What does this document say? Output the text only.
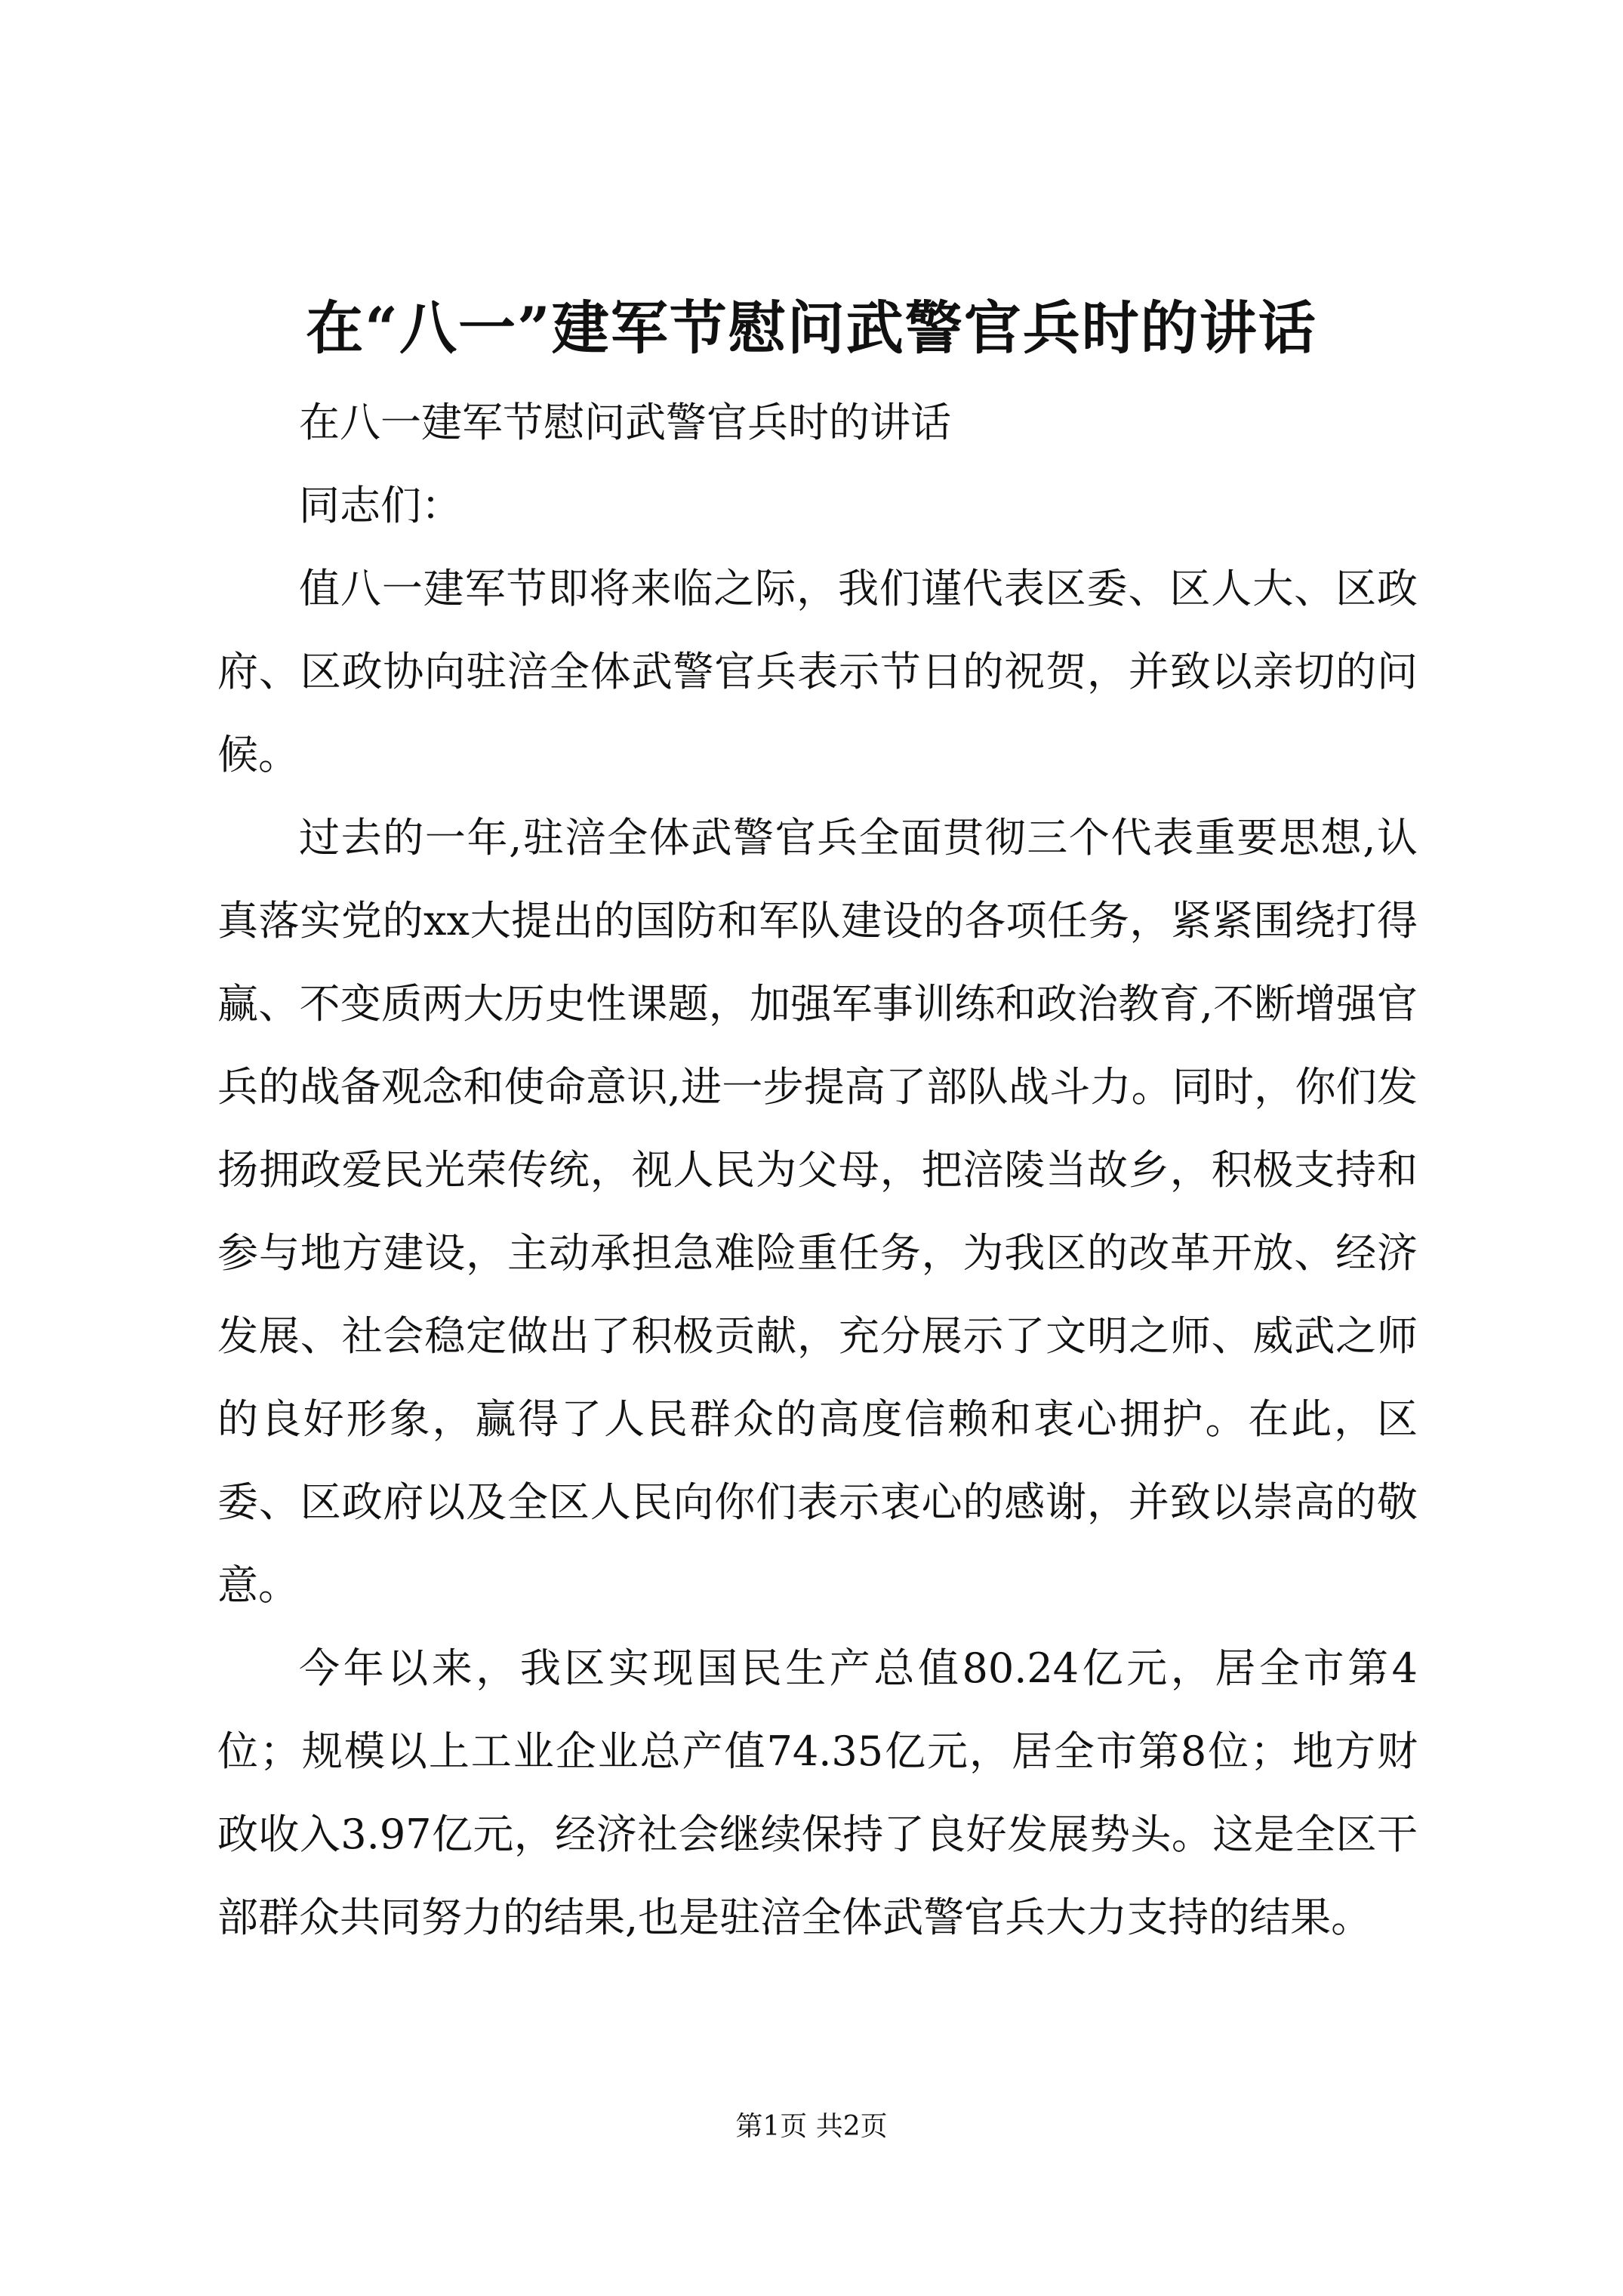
在“八一”建军节慰问武警官兵时的讲话

在八一建军节慰问武警官兵时的讲话

同志们：

值八一建军节即将来临之际，我们谨代表区委、区人大、区政府、区政协向驻涪全体武警官兵表示节日的祝贺，并致以亲切的问候。

过去的一年,驻涪全体武警官兵全面贯彻三个代表重要思想,认真落实党的xx大提出的国防和军队建设的各项任务，紧紧围绕打得赢、不变质两大历史性课题，加强军事训练和政治教育,不断增强官兵的战备观念和使命意识,进一步提高了部队战斗力。同时，你们发扬拥政爱民光荣传统，视人民为父母，把涪陵当故乡，积极支持和参与地方建设，主动承担急难险重任务，为我区的改革开放、经济发展、社会稳定做出了积极贡献，充分展示了文明之师、威武之师的良好形象，赢得了人民群众的高度信赖和衷心拥护。在此，区委、区政府以及全区人民向你们表示衷心的感谢，并致以崇高的敬意。

今年以来，我区实现国民生产总值80.24亿元，居全市第4位；规模以上工业企业总产值74.35亿元，居全市第8位；地方财政收入3.97亿元，经济社会继续保持了良好发展势头。这是全区干部群众共同努力的结果,也是驻涪全体武警官兵大力支持的结果。

第1页 共2页
